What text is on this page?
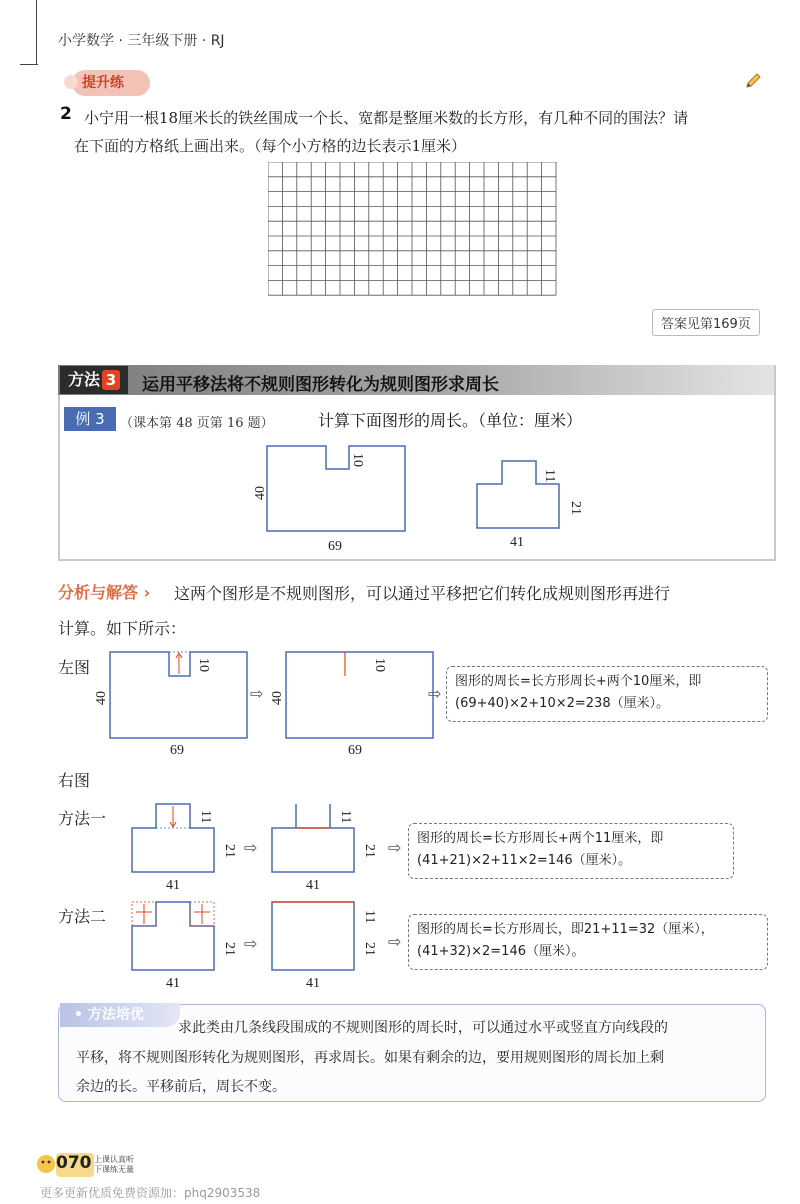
小学数学 · 三年级下册 · RJ
提升练
2 小宁用一根18厘米长的铁丝围成一个长、宽都是整厘米数的长方形，有几种不同的围法？请
在下面的方格纸上画出来。（每个小方格的边长表示1厘米）
答案见第169页
方法 3	运用平移法将不规则图形转化为规则图形求周长
例 3	（课本第 48 页第 16 题）	计算下面图形的周长。（单位：厘米）
40
69
10
11
21
41
分析与解答 › 这两个图形是不规则图形，可以通过平移把它们转化成规则图形再进行
计算。如下所示：
左图
40
69
10
⇨ 40
69
10
⇨
图形的周长=长方形周长+两个10厘米，即
(69+40)×2+10×2=238（厘米）。
右图
方法一	11
21
41
⇨
11
21
41
⇨ 图形的周长=长方形周长+两个11厘米，即
(41+21)×2+11×2=146（厘米）。
方法二
21
41
⇨
11
21
41
⇨
图形的周长=长方形周长，即21+11=32（厘米），
(41+32)×2=146（厘米）。
• 方法培优
求此类由几条线段围成的不规则图形的周长时，可以通过水平或竖直方向线段的
平移，将不规则图形转化为规则图形，再求周长。如果有剩余的边，要用规则图形的周长加上剩
余边的长。平移前后，周长不变。
070 上课认真听
下课练无量
更多更新优质免费资源加：phq2903538
